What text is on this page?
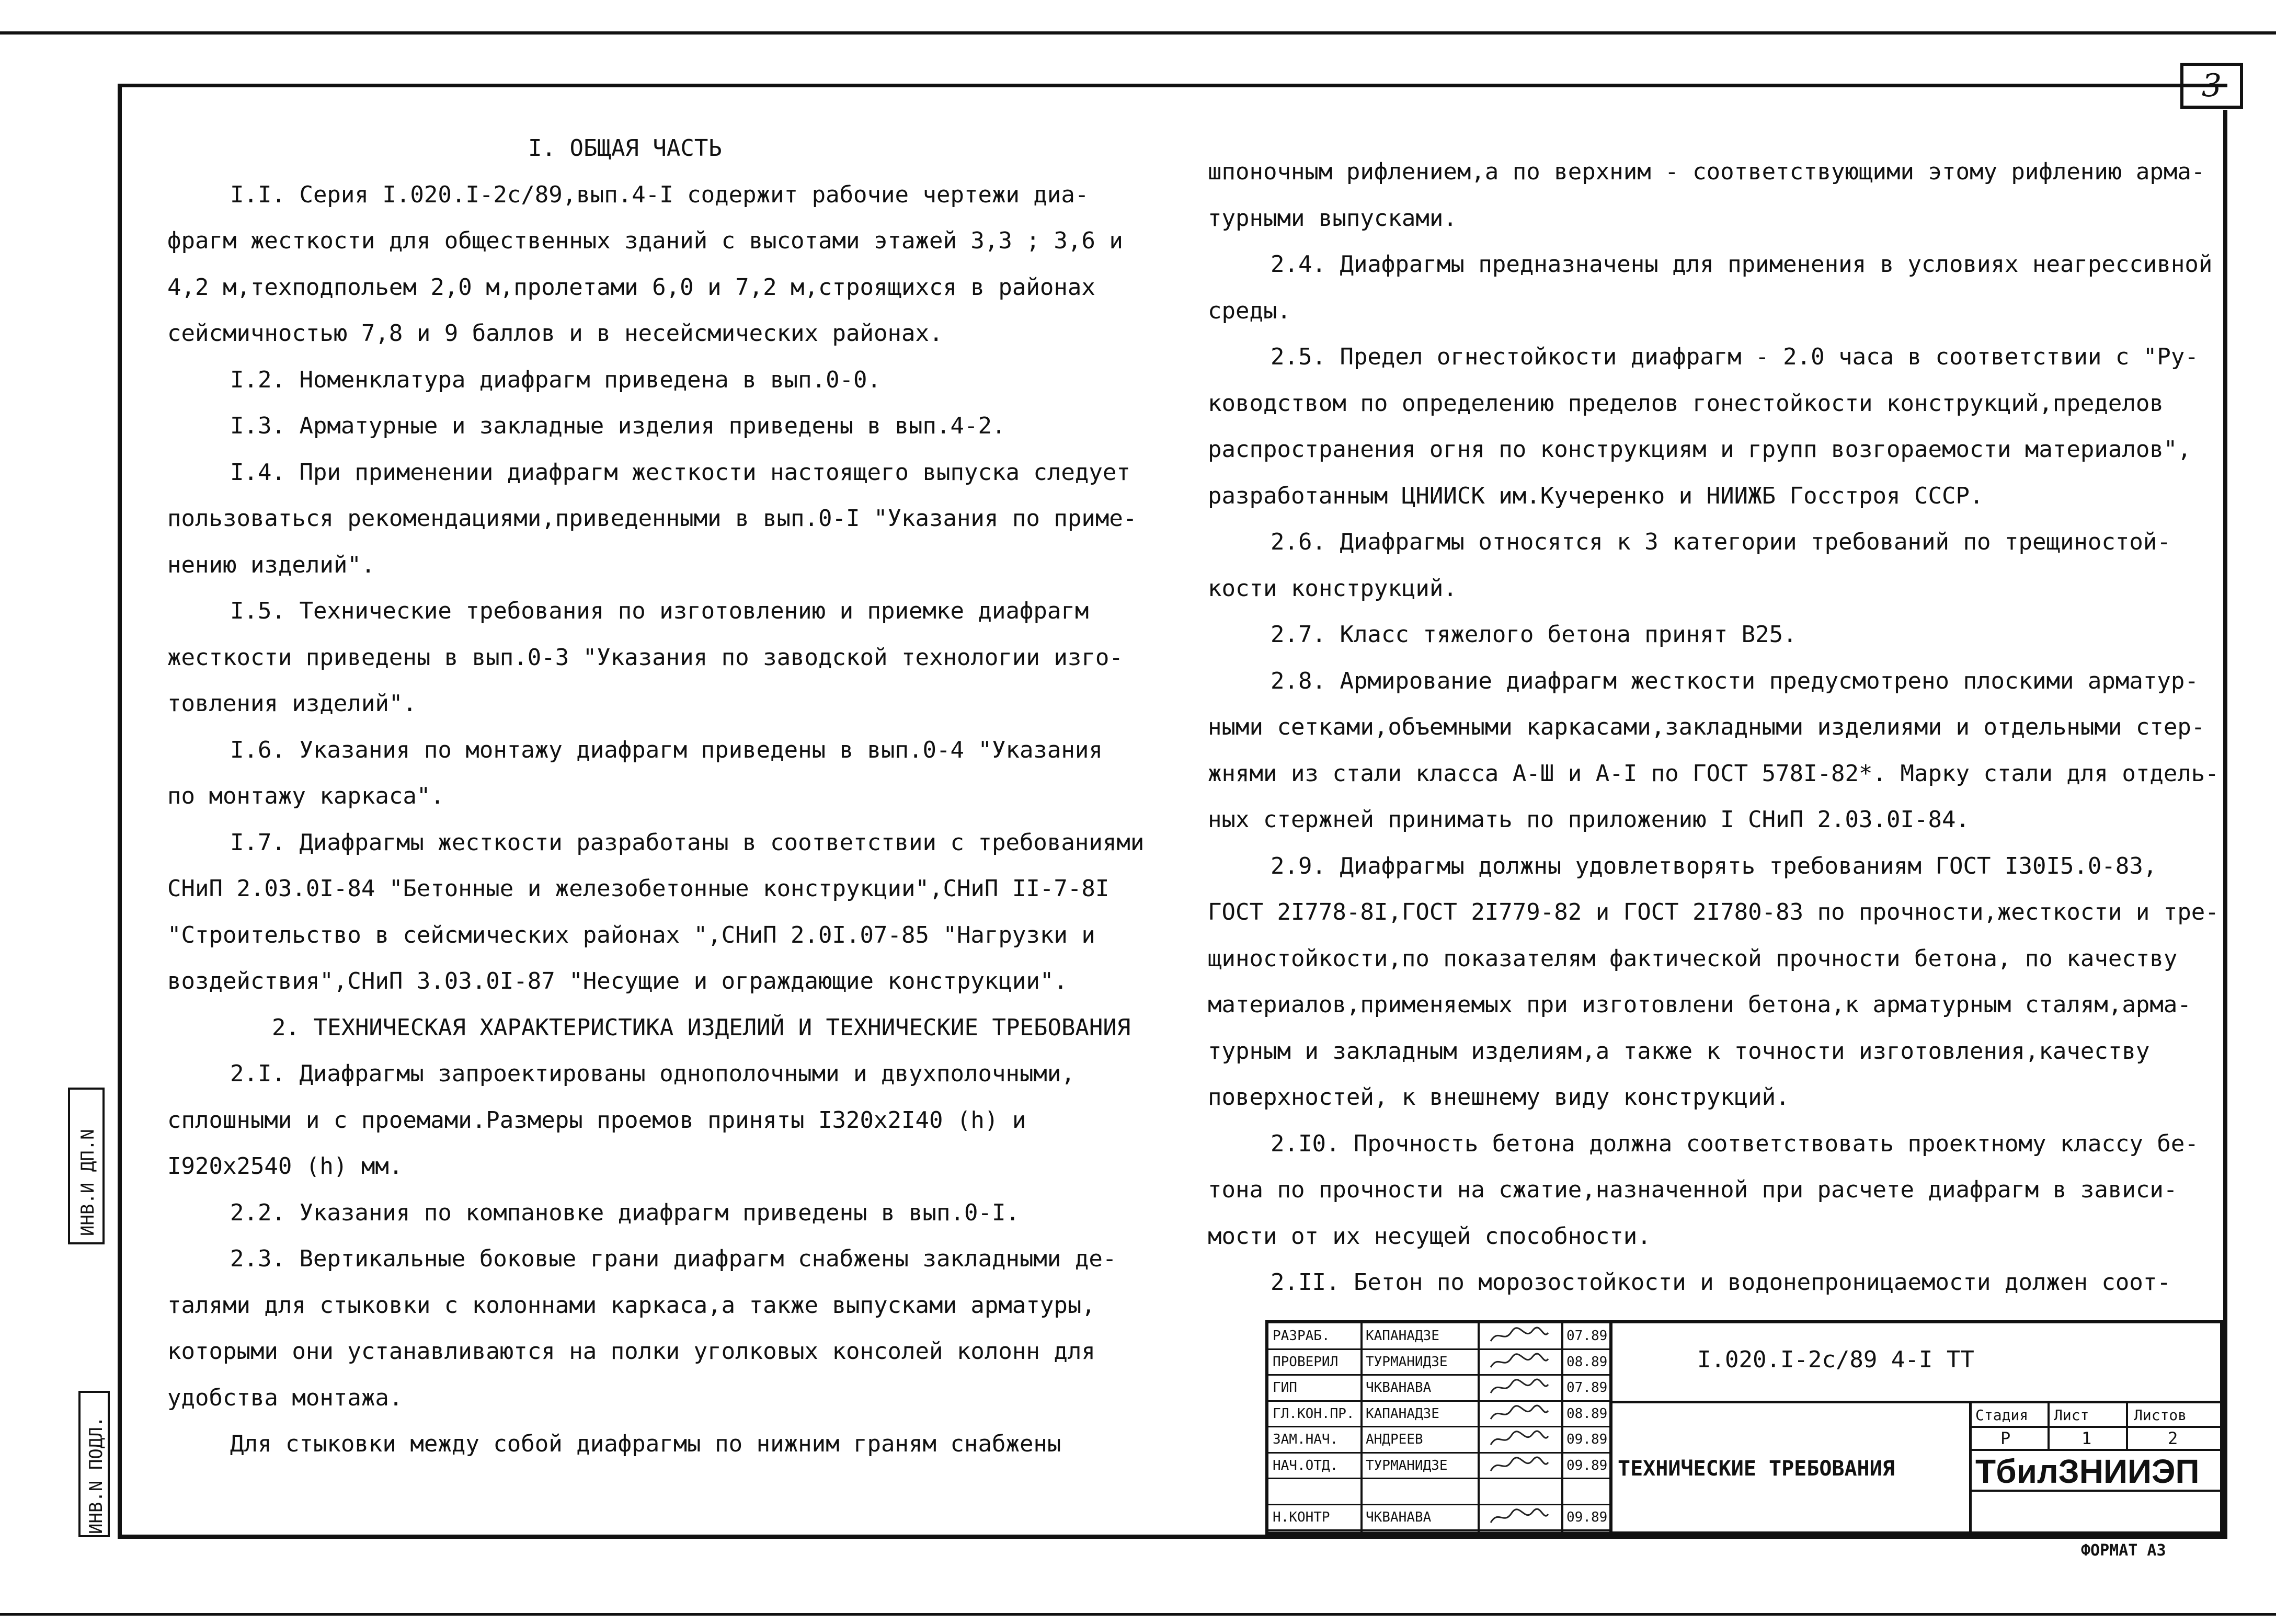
3
ИНВ.И ДП.N
ИНВ.N ПОДЛ.
I. ОБЩАЯ ЧАСТЬ
I.I. Серия I.020.I-2с/89,вып.4-I содержит рабочие чертежи диа-
фрагм жесткости для общественных зданий с высотами этажей 3,3 ; 3,6 и
4,2 м,техподпольем 2,0 м,пролетами 6,0 и 7,2 м,строящихся в районах
сейсмичностью 7,8 и 9 баллов и в несейсмических районах.
I.2. Номенклатура диафрагм приведена в вып.0-0.
I.3. Арматурные и закладные изделия приведены в вып.4-2.
I.4. При применении диафрагм жесткости настоящего выпуска следует
пользоваться рекомендациями,приведенными в вып.0-I "Указания по приме-
нению изделий".
I.5. Технические требования по изготовлению и приемке диафрагм
жесткости приведены в вып.0-3 "Указания по заводской технологии изго-
товления изделий".
I.6. Указания по монтажу диафрагм приведены в вып.0-4 "Указания
по монтажу каркаса".
I.7. Диафрагмы жесткости разработаны в соответствии с требованиями
СНиП 2.03.0I-84 "Бетонные и железобетонные конструкции",СНиП II-7-8I
"Строительство в сейсмических районах ",СНиП 2.0I.07-85 "Нагрузки и
воздействия",СНиП 3.03.0I-87 "Несущие и ограждающие конструкции".
2. ТЕХНИЧЕСКАЯ ХАРАКТЕРИСТИКА ИЗДЕЛИЙ И ТЕХНИЧЕСКИЕ ТРЕБОВАНИЯ
2.I. Диафрагмы запроектированы однополочными и двухполочными,
сплошными и с проемами.Размеры проемов приняты I320х2I40 (h) и
I920х2540 (h) мм.
2.2. Указания по компановке диафрагм приведены в вып.0-I.
2.3. Вертикальные боковые грани диафрагм снабжены закладными де-
талями для стыковки с колоннами каркаса,а также выпусками арматуры,
которыми они устанавливаются на полки уголковых консолей колонн для
удобства монтажа.
Для стыковки между собой диафрагмы по нижним граням снабжены
шпоночным рифлением,а по верхним - соответствующими этому рифлению арма-
турными выпусками.
2.4. Диафрагмы предназначены для применения в условиях неагрессивной
среды.
2.5. Предел огнестойкости диафрагм - 2.0 часа в соответствии с "Ру-
ководством по определению пределов гонестойкости конструкций,пределов
распространения огня по конструкциям и групп возгораемости материалов",
разработанным ЦНИИСК им.Кучеренко и НИИЖБ Госстроя СССР.
2.6. Диафрагмы относятся к 3 категории требований по трещиностой-
кости конструкций.
2.7. Класс тяжелого бетона принят В25.
2.8. Армирование диафрагм жесткости предусмотрено плоскими арматур-
ными сетками,объемными каркасами,закладными изделиями и отдельными стер-
жнями из стали класса А-Ш и А-I по ГОСТ 578I-82*. Марку стали для отдель-
ных стержней принимать по приложению I СНиП 2.03.0I-84.
2.9. Диафрагмы должны удовлетворять требованиям ГОСТ I30I5.0-83,
ГОСТ 2I778-8I,ГОСТ 2I779-82 и ГОСТ 2I780-83 по прочности,жесткости и тре-
щиностойкости,по показателям фактической прочности бетона, по качеству
материалов,применяемых при изготовлени бетона,к арматурным сталям,арма-
турным и закладным изделиям,а также к точности изготовления,качеству
поверхностей, к внешнему виду конструкций.
2.I0. Прочность бетона должна соответствовать проектному классу бе-
тона по прочности на сжатие,назначенной при расчете диафрагм в зависи-
мости от их несущей способности.
2.II. Бетон по морозостойкости и водонепроницаемости должен соот-
РАЗРАБ.	КАПАНАДЗЕ	07.89
ПРОВЕРИЛ ТУРМАНИДЗЕ	08.89
ГИП	ЧКВАНАВА	07.89
ГЛ.КОН.ПР. КАПАНАДЗЕ	08.89
ЗАМ.НАЧ. АНДРЕЕВ	09.89
НАЧ.ОТД. ТУРМАНИДЗЕ	09.89
Н.КОНТР	ЧКВАНАВА	09.89
I.020.I-2с/89 4-I ТТ
ТЕХНИЧЕСКИЕ ТРЕБОВАНИЯ
Стадия Лист	Листов
Р	1	2
ТбилЗНИИЭП
ФОРМАТ А3
